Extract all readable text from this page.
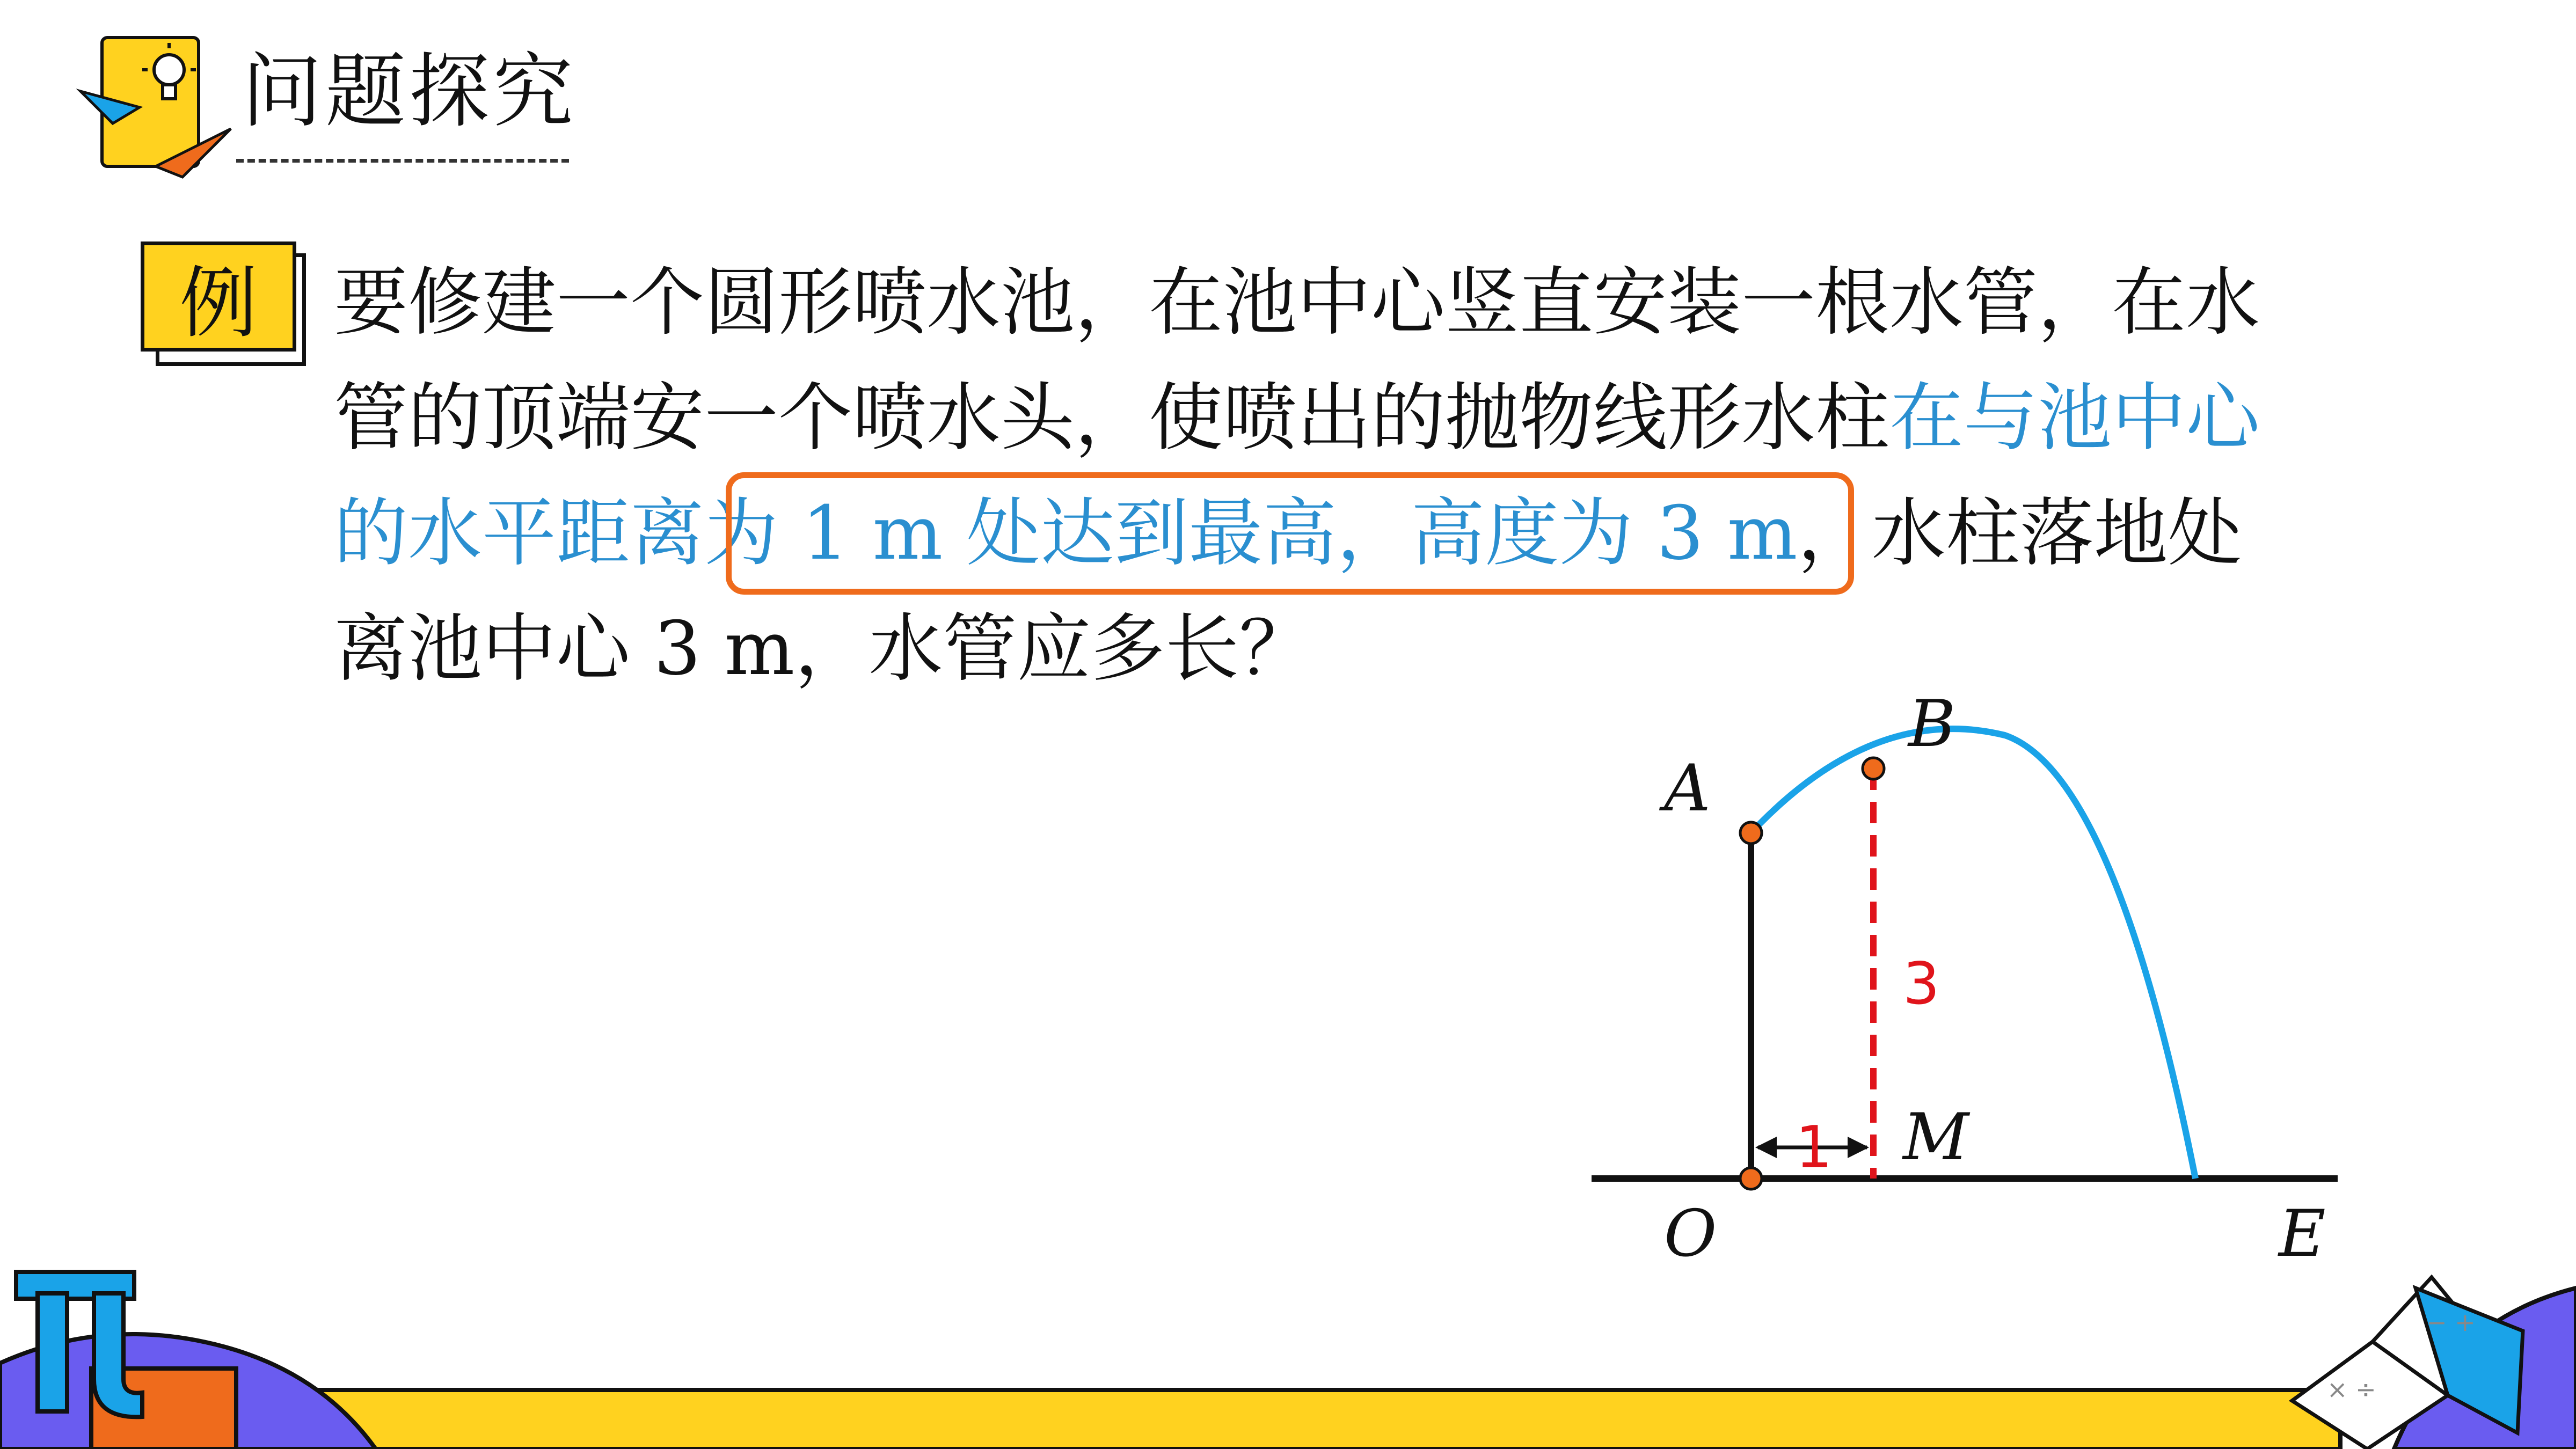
问题探究
例	要修建一个圆形喷水池，在池中心竖直安装一根水管，在水
管的顶端安一个喷水头，使喷出的抛物线形水柱在与池中心
的水平距离为 1 m 处达到最高，高度为 3 m，水柱落地处
离池中心 3 m，水管应多长？
A
B
O
M
E
3
1
× ÷
− +
